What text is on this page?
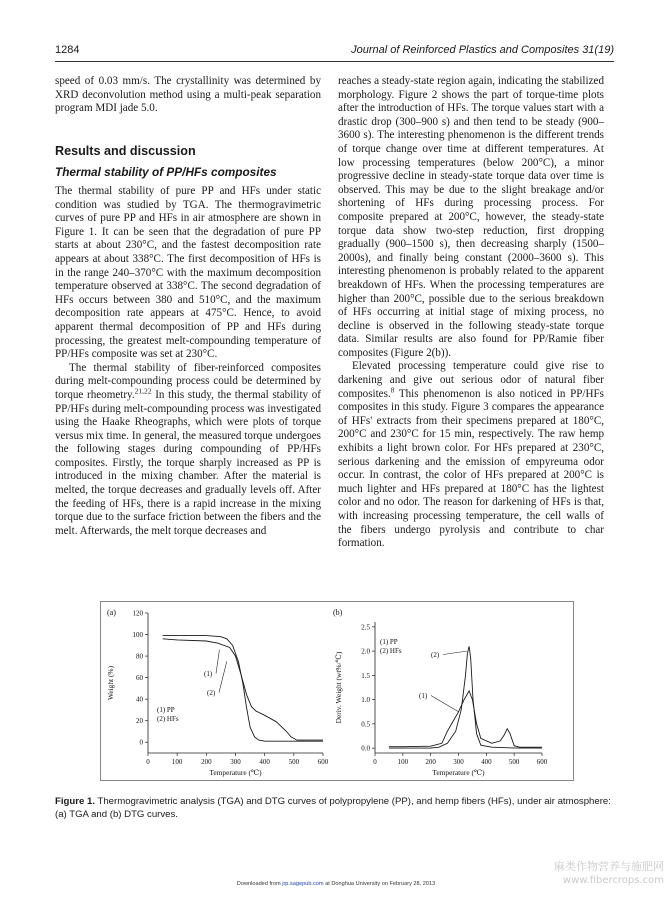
1284	Journal of Reinforced Plastics and Composites 31(19)

speed of 0.03 mm/s. The crystallinity was determined by XRD deconvolution method using a multi-peak separation program MDI jade 5.0.

Results and discussion
Thermal stability of PP/HFs composites

The thermal stability of pure PP and HFs under static condition was studied by TGA. The thermogravimetric curves of pure PP and HFs in air atmosphere are shown in Figure 1. It can be seen that the degradation of pure PP starts at about 230°C, and the fastest decomposition rate appears at about 338°C. The first decomposition of HFs is in the range 240–370°C with the maximum decomposition temperature observed at 338°C. The second degradation of HFs occurs between 380 and 510°C, and the maximum decomposition rate appears at 475°C. Hence, to avoid apparent thermal decomposition of PP and HFs during processing, the greatest melt-compounding temperature of PP/HFs composite was set at 230°C.

The thermal stability of fiber-reinforced composites during melt-compounding process could be determined by torque rheometry.$^{21,22}$ In this study, the thermal stability of PP/HFs during melt-compounding process was investigated using the Haake Rheographs, which were plots of torque versus mix time. In general, the measured torque undergoes the following stages during compounding of PP/HFs composites. Firstly, the torque sharply increased as PP is introduced in the mixing chamber. After the material is melted, the torque decreases and gradually levels off. After the feeding of HFs, there is a rapid increase in the mixing torque due to the surface friction between the fibers and the melt. Afterwards, the melt torque decreases and

reaches a steady-state region again, indicating the stabilized morphology. Figure 2 shows the part of torque-time plots after the introduction of HFs. The torque values start with a drastic drop (300–900 s) and then tend to be steady (900–3600 s). The interesting phenomenon is the different trends of torque change over time at different temperatures. At low processing temperatures (below 200°C), a minor progressive decline in steady-state torque data over time is observed. This may be due to the slight breakage and/or shortening of HFs during processing process. For composite prepared at 200°C, however, the steady-state torque data show two-step reduction, first dropping gradually (900–1500 s), then decreasing sharply (1500–2000s), and finally being constant (2000–3600 s). This interesting phenomenon is probably related to the apparent breakdown of HFs. When the processing temperatures are higher than 200°C, possible due to the serious breakdown of HFs occurring at initial stage of mixing process, no decline is observed in the following steady-state torque data. Similar results are also found for PP/Ramie fiber composites (Figure 2(b)).

Elevated processing temperature could give rise to darkening and give out serious odor of natural fiber composites.$^8$ This phenomenon is also noticed in PP/HFs composites in this study. Figure 3 compares the appearance of HFs' extracts from their specimens prepared at 180°C, 200°C and 230°C for 15 min, respectively. The raw hemp exhibits a light brown color. For HFs prepared at 230°C, serious darkening and the emission of empyreuma odor occur. In contrast, the color of HFs prepared at 200°C is much lighter and HFs prepared at 180°C has the lightest color and no odor. The reason for darkening of HFs is that, with increasing processing temperature, the cell walls of the fibers undergo pyrolysis and contribute to char formation.

(a)
0	100	200	300	400	500	600
0
20
40
60
80
100
120
Temperature (℃)
Weight (%)
(1) PP
(2) HFs
(1)
(2)
(b)
0	100 200 300 400 500 600
0.0
0.5
1.0
1.5
2.0
2.5
Temperature (℃)
Deriv. Weight (wt%/℃)
(1) PP
(2) HFs	(2)
(1)
Figure 1. Thermogravimetric analysis (TGA) and DTG curves of polypropylene (PP), and hemp fibers (HFs), under air atmosphere: (a) TGA and (b) DTG curves.
Downloaded from jrp.sagepub.com at Donghua University on February 28, 2013
麻类作物营养与施肥网
www.fibercrops.com
